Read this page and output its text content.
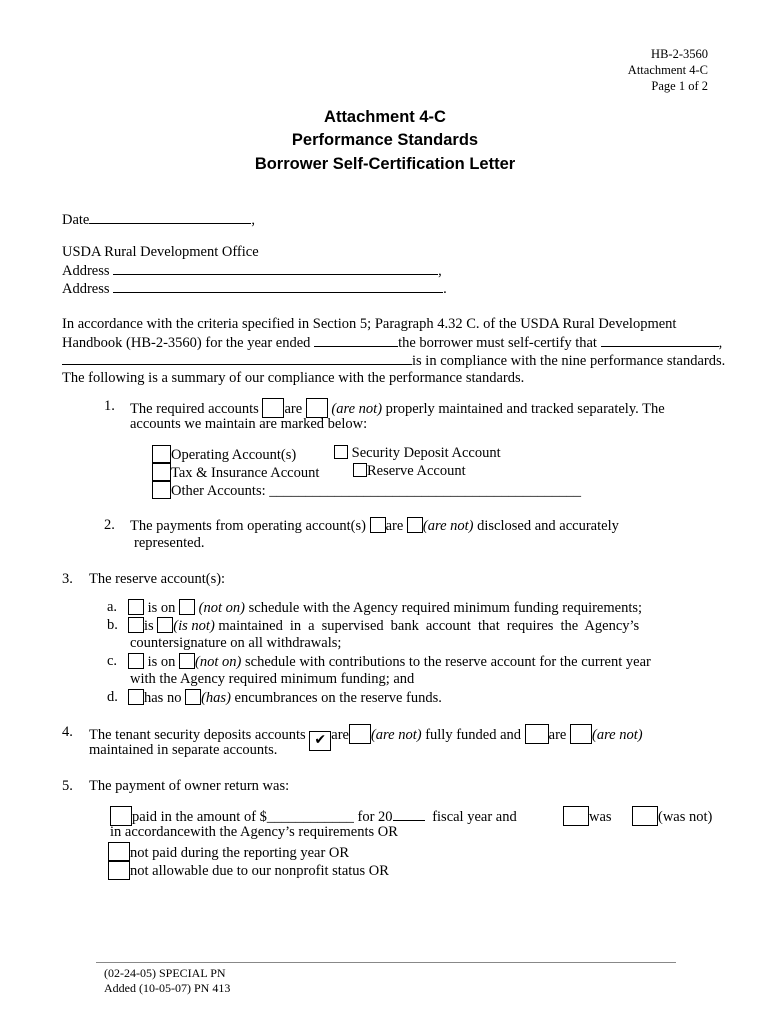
HB-2-3560
Attachment 4-C
Page 1 of 2
Attachment 4-C
Performance Standards
Borrower Self-Certification Letter
Date	,
USDA Rural Development Office
Address	,
Address	.
In accordance with the criteria specified in Section 5; Paragraph 4.32 C. of the USDA Rural Development
Handbook (HB-2-3560) for the year ended	the borrower must self-certify that	,
is in compliance with the nine performance standards.
The following is a summary of our compliance with the performance standards.
1. The required accounts are (are not) properly maintained and tracked separately. The
accounts we maintain are marked below:
Operating Account(s)	Security Deposit Account
Tax & Insurance Account	Reserve Account
Other Accounts: ___________________________________________
2. The payments from operating account(s) are (are not) disclosed and accurately
represented.
3. The reserve account(s):
a.	is on (not on) schedule with the Agency required minimum funding requirements;
b.	is (is not) maintained in a supervised bank account that requires the Agency’s
countersignature on all withdrawals;
c.	is on (not on) schedule with contributions to the reserve account for the current year
with the Agency required minimum funding; and
d.	has no (has) encumbrances on the reserve funds.
4. The tenant security deposits accounts ✔ are (are not) fully funded and are (are not)
maintained in separate accounts.
5. The payment of owner return was:
paid in the amount of $____________ for 20	fiscal year and	was	(was not)
in accordancewith the Agency’s requirements OR
not paid during the reporting year OR
not allowable due to our nonprofit status OR
(02-24-05) SPECIAL PN
Added (10-05-07) PN 413
